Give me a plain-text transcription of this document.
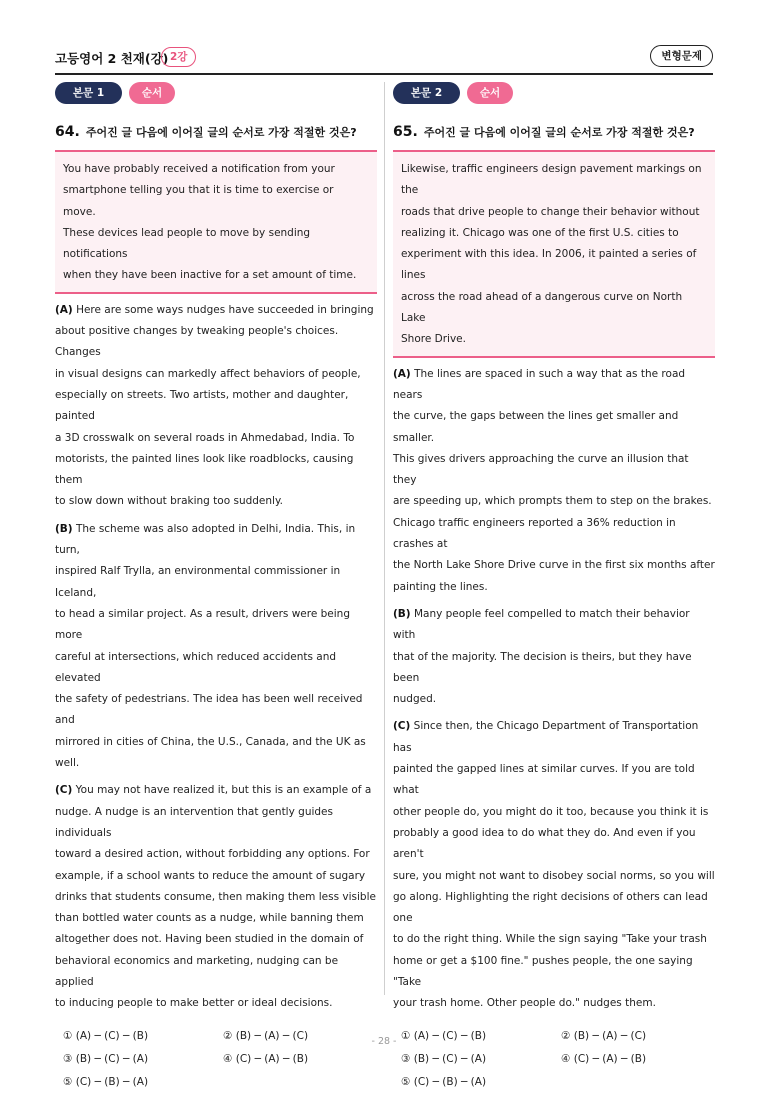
고등영어 2 천재(강) 2강	변형문제
본문 1	순서
64. 주어진 글 다음에 이어질 글의 순서로 가장 적절한 것은?
You have probably received a notification from your
smartphone telling you that it is time to exercise or move.
These devices lead people to move by sending notifications
when they have been inactive for a set amount of time.
(A) Here are some ways nudges have succeeded in bringing
about positive changes by tweaking people's choices. Changes
in visual designs can markedly affect behaviors of people,
especially on streets. Two artists, mother and daughter, painted
a 3D crosswalk on several roads in Ahmedabad, India. To
motorists, the painted lines look like roadblocks, causing them
to slow down without braking too suddenly.
(B) The scheme was also adopted in Delhi, India. This, in turn,
inspired Ralf Trylla, an environmental commissioner in Iceland,
to head a similar project. As a result, drivers were being more
careful at intersections, which reduced accidents and elevated
the safety of pedestrians. The idea has been well received and
mirrored in cities of China, the U.S., Canada, and the UK as well.
(C) You may not have realized it, but this is an example of a
nudge. A nudge is an intervention that gently guides individuals
toward a desired action, without forbidding any options. For
example, if a school wants to reduce the amount of sugary
drinks that students consume, then making them less visible
than bottled water counts as a nudge, while banning them
altogether does not. Having been studied in the domain of
behavioral economics and marketing, nudging can be applied
to inducing people to make better or ideal decisions.
① (A) ─ (C) ─ (B)	② (B) ─ (A) ─ (C)
③ (B) ─ (C) ─ (A)	④ (C) ─ (A) ─ (B)
⑤ (C) ─ (B) ─ (A)
본문 2	순서
65. 주어진 글 다음에 이어질 글의 순서로 가장 적절한 것은?
Likewise, traffic engineers design pavement markings on the
roads that drive people to change their behavior without
realizing it. Chicago was one of the first U.S. cities to
experiment with this idea. In 2006, it painted a series of lines
across the road ahead of a dangerous curve on North Lake
Shore Drive.
(A) The lines are spaced in such a way that as the road nears
the curve, the gaps between the lines get smaller and smaller.
This gives drivers approaching the curve an illusion that they
are speeding up, which prompts them to step on the brakes.
Chicago traffic engineers reported a 36% reduction in crashes at
the North Lake Shore Drive curve in the first six months after
painting the lines.
(B) Many people feel compelled to match their behavior with
that of the majority. The decision is theirs, but they have been
nudged.
(C) Since then, the Chicago Department of Transportation has
painted the gapped lines at similar curves. If you are told what
other people do, you might do it too, because you think it is
probably a good idea to do what they do. And even if you aren't
sure, you might not want to disobey social norms, so you will
go along. Highlighting the right decisions of others can lead one
to do the right thing. While the sign saying "Take your trash
home or get a $100 fine." pushes people, the one saying "Take
your trash home. Other people do." nudges them.
① (A) ─ (C) ─ (B)	② (B) ─ (A) ─ (C)
③ (B) ─ (C) ─ (A)	④ (C) ─ (A) ─ (B)
⑤ (C) ─ (B) ─ (A)
- 28 -
